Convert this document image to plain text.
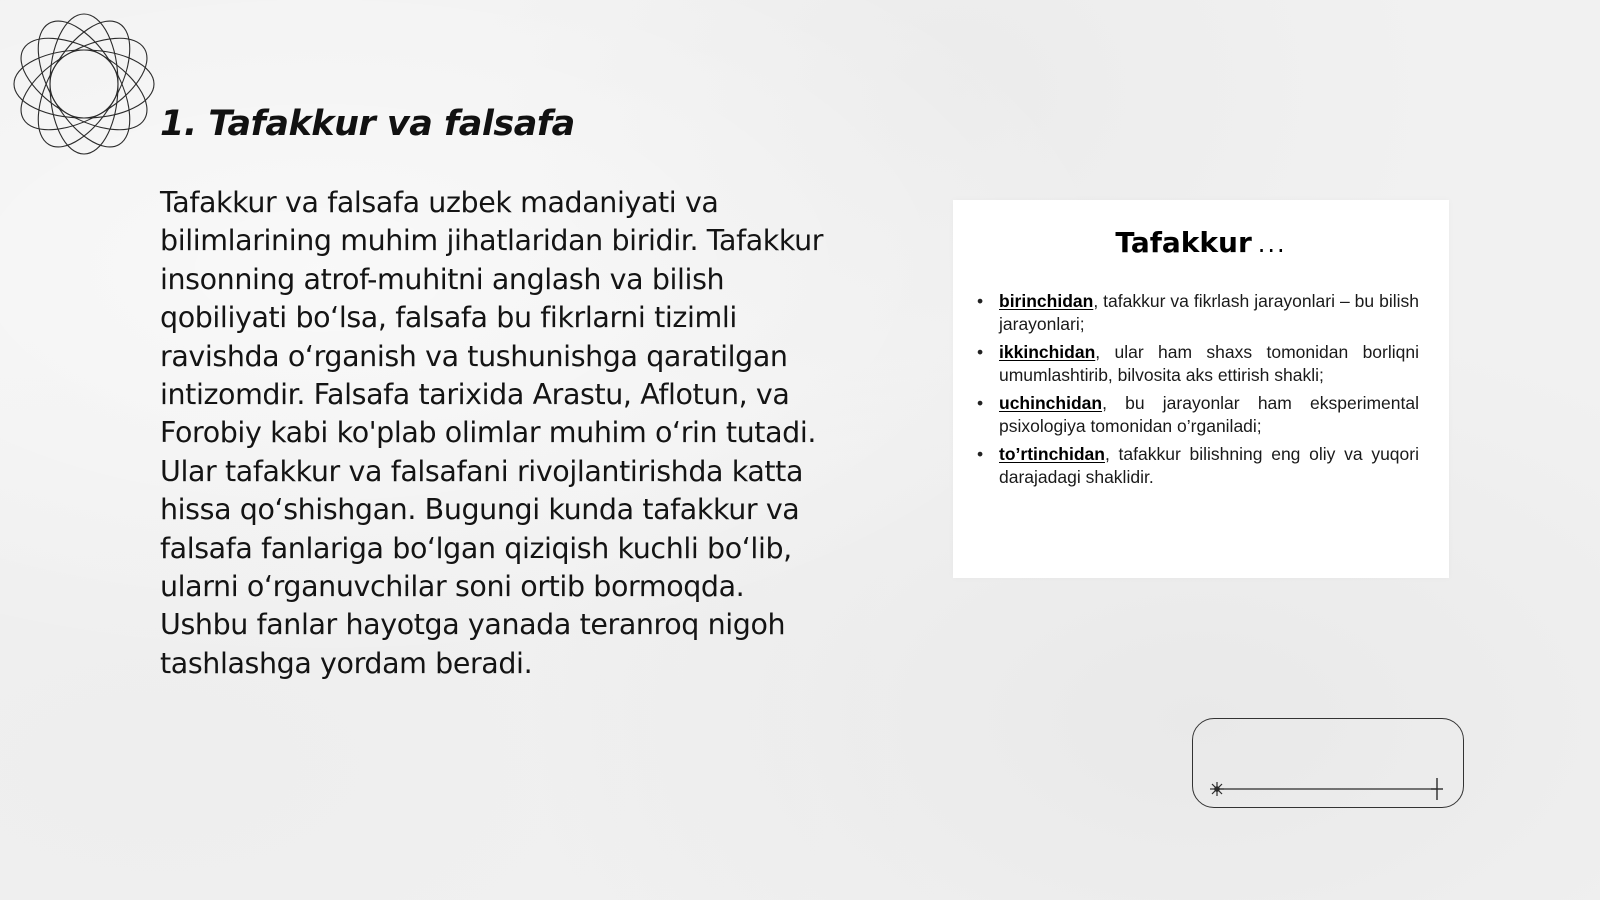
1. Tafakkur va falsafa

Tafakkur va falsafa uzbek madaniyati va bilimlarining muhim jihatlaridan biridir. Tafakkur insonning atrof-muhitni anglash va bilish qobiliyati bo‘lsa, falsafa bu fikrlarni tizimli ravishda o‘rganish va tushunishga qaratilgan intizomdir. Falsafa tarixida Arastu, Aflotun, va Forobiy kabi ko'plab olimlar muhim o‘rin tutadi. Ular tafakkur va falsafani rivojlantirishda katta hissa qo‘shishgan. Bugungi kunda tafakkur va falsafa fanlariga bo‘lgan qiziqish kuchli bo‘lib, ularni o‘rganuvchilar soni ortib bormoqda. Ushbu fanlar hayotga yanada teranroq nigoh tashlashga yordam beradi.

Tafakkur ...
• birinchidan, tafakkur va fikrlash jarayonlari – bu bilish jarayonlari;
• ikkinchidan, ular ham shaxs tomonidan borliqni umumlashtirib, bilvosita aks ettirish shakli;
• uchinchidan, bu jarayonlar ham eksperimental psixologiya tomonidan o’rganiladi;
• to’rtinchidan, tafakkur bilishning eng oliy va yuqori darajadagi shaklidir.
